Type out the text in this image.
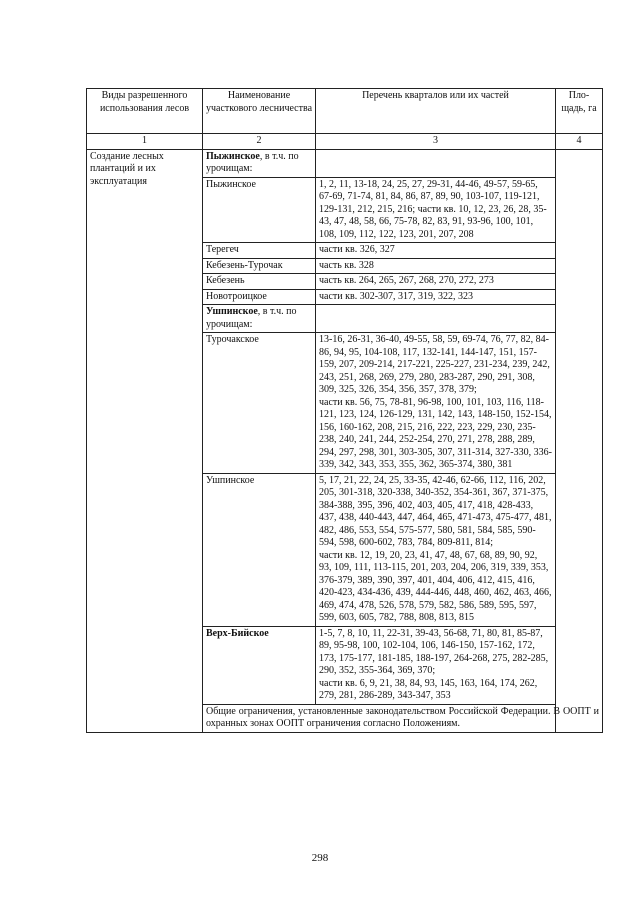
Виды разрешенного использования лесов	Наименование участкового лесничества	Перечень кварталов или их частей	Пло-щадь, га
1	2	3	4
Создание лесных плантаций и их эксплуатация	Пыжинское, в т.ч. по урочищам:		
	Пыжинское	1, 2, 11, 13-18, 24, 25, 27, 29-31, 44-46, 49-57, 59-65, 67-69, 71-74, 81, 84, 86, 87, 89, 90, 103-107, 119-121, 129-131, 212, 215, 216; части кв. 10, 12, 23, 26, 28, 35-43, 47, 48, 58, 66, 75-78, 82, 83, 91, 93-96, 100, 101, 108, 109, 112, 122, 123, 201, 207, 208	
	Терегеч	части кв. 326, 327	
	Кебезень-Турочак	часть кв. 328	
	Кебезень	часть кв. 264, 265, 267, 268, 270, 272, 273	
	Новотроицкое	части кв. 302-307, 317, 319, 322, 323	
	Ушпинское, в т.ч. по урочищам:		
	Турочакское	13-16, 26-31, 36-40, 49-55, 58, 59, 69-74, 76, 77, 82, 84-86, 94, 95, 104-108, 117, 132-141, 144-147, 151, 157-159, 207, 209-214, 217-221, 225-227, 231-234, 239, 242, 243, 251, 268, 269, 279, 280, 283-287, 290, 291, 308, 309, 325, 326, 354, 356, 357, 378, 379;
части кв. 56, 75, 78-81, 96-98, 100, 101, 103, 116, 118-121, 123, 124, 126-129, 131, 142, 143, 148-150, 152-154, 156, 160-162, 208, 215, 216, 222, 223, 229, 230, 235-238, 240, 241, 244, 252-254, 270, 271, 278, 288, 289, 294, 297, 298, 301, 303-305, 307, 311-314, 327-330, 336-339, 342, 343, 353, 355, 362, 365-374, 380, 381	

	Ушпинское	5, 17, 21, 22, 24, 25, 33-35, 42-46, 62-66, 112, 116, 202, 205, 301-318, 320-338, 340-352, 354-361, 367, 371-375, 384-388, 395, 396, 402, 403, 405, 417, 418, 428-433, 437, 438, 440-443, 447, 464, 465, 471-473, 475-477, 481, 482, 486, 553, 554, 575-577, 580, 581, 584, 585, 590-594, 598, 600-602, 783, 784, 809-811, 814;
части кв. 12, 19, 20, 23, 41, 47, 48, 67, 68, 89, 90, 92, 93, 109, 111, 113-115, 201, 203, 204, 206, 319, 339, 353, 376-379, 389, 390, 397, 401, 404, 406, 412, 415, 416, 420-423, 434-436, 439, 444-446, 448, 460, 462, 463, 466, 469, 474, 478, 526, 578, 579, 582, 586, 589, 595, 597, 599, 603, 605, 782, 788, 808, 813, 815	

	Верх-Бийское	1-5, 7, 8, 10, 11, 22-31, 39-43, 56-68, 71, 80, 81, 85-87, 89, 95-98, 100, 102-104, 106, 146-150, 157-162, 172, 173, 175-177, 181-185, 188-197, 264-268, 275, 282-285, 290, 352, 355-364, 369, 370;
части кв. 6, 9, 21, 38, 84, 93, 145, 163, 164, 174, 262, 279, 281, 286-289, 343-347, 353	

	Общие ограничения, установленные законодательством Российской Федерации. В ООПТ и охранных зонах ООПТ ограничения согласно Положениям.		
298
